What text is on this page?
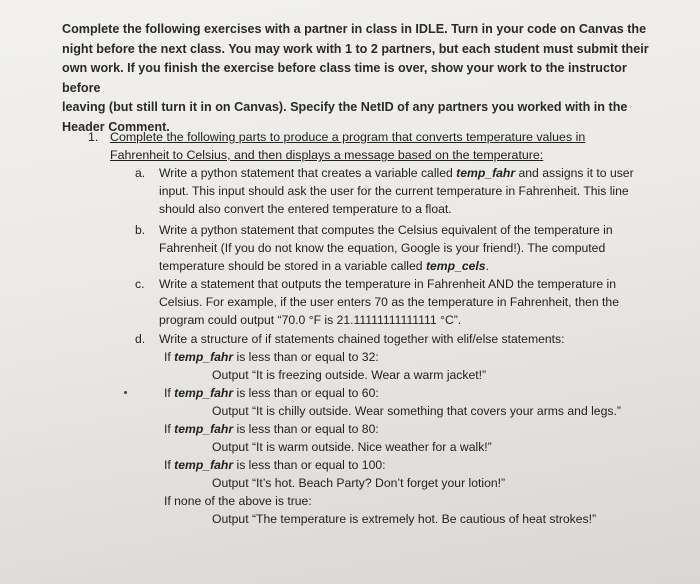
Complete the following exercises with a partner in class in IDLE. Turn in your code on Canvas the

night before the next class. You may work with 1 to 2 partners, but each student must submit their

own work. If you finish the exercise before class time is over, show your work to the instructor before

leaving (but still turn it in on Canvas). Specify the NetID of any partners you worked with in the

Header Comment.

1. Complete the following parts to produce a program that converts temperature values in
Fahrenheit to Celsius, and then displays a message based on the temperature:
a. Write a python statement that creates a variable called temp_fahr and assigns it to user input. This input should ask the user for the current temperature in Fahrenheit. This line should also convert the entered temperature to a float.
b. Write a python statement that computes the Celsius equivalent of the temperature in Fahrenheit (If you do not know the equation, Google is your friend!). The computed temperature should be stored in a variable called temp_cels.
c. Write a statement that outputs the temperature in Fahrenheit AND the temperature in Celsius. For example, if the user enters 70 as the temperature in Fahrenheit, then the program could output “70.0 °F is 21.11111111111111 °C”.
d. Write a structure of if statements chained together with elif/else statements:
If temp_fahr is less than or equal to 32:
Output “It is freezing outside. Wear a warm jacket!”
If temp_fahr is less than or equal to 60:
Output “It is chilly outside. Wear something that covers your arms and legs.”
If temp_fahr is less than or equal to 80:
Output “It is warm outside. Nice weather for a walk!”
If temp_fahr is less than or equal to 100:
Output “It’s hot. Beach Party? Don’t forget your lotion!”
If none of the above is true:
Output “The temperature is extremely hot. Be cautious of heat strokes!”
